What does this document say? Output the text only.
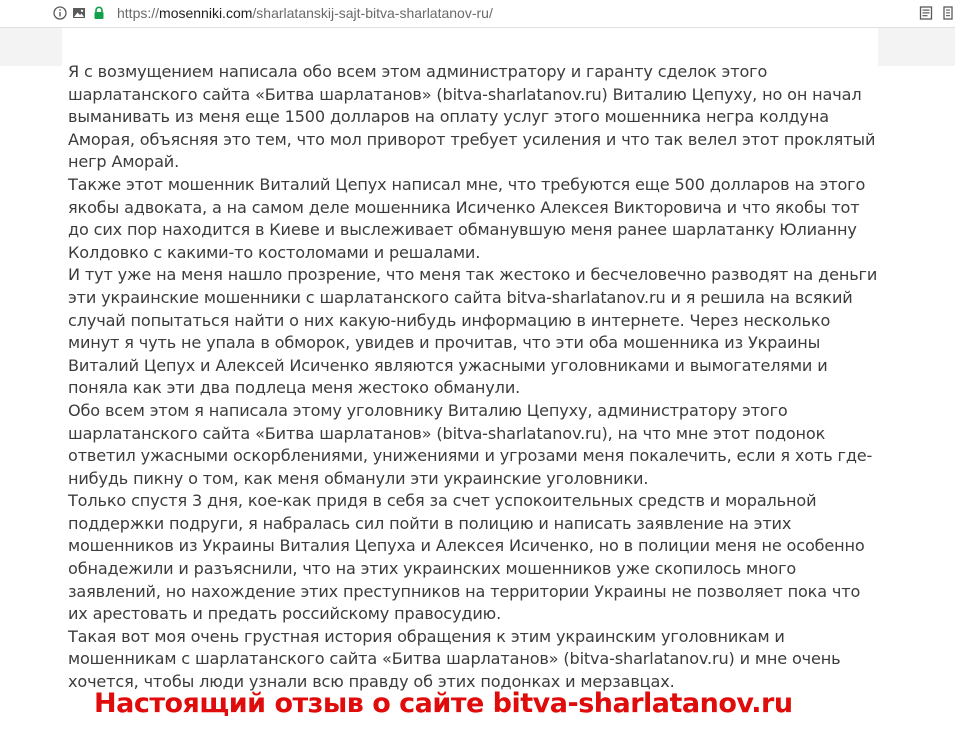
https://mosenniki.com/sharlatanskij-sajt-bitva-sharlatanov-ru/

Я с возмущением написала обо всем этом администратору и гаранту сделок этого шарлатанского сайта «Битва шарлатанов» (bitva-sharlatanov.ru) Виталию Цепуху, но он начал выманивать из меня еще 1500 долларов на оплату услуг этого мошенника негра колдуна Аморая, объясняя это тем, что мол приворот требует усиления и что так велел этот проклятый негр Аморай.

Также этот мошенник Виталий Цепух написал мне, что требуются еще 500 долларов на этого якобы адвоката, а на самом деле мошенника Исиченко Алексея Викторовича и что якобы тот до сих пор находится в Киеве и выслеживает обманувшую меня ранее шарлатанку Юлианну Колдовко с какими-то костоломами и решалами.

И тут уже на меня нашло прозрение, что меня так жестоко и бесчеловечно разводят на деньги эти украинские мошенники с шарлатанского сайта bitva-sharlatanov.ru и я решила на всякий случай попытаться найти о них какую-нибудь информацию в интернете. Через несколько минут я чуть не упала в обморок, увидев и прочитав, что эти оба мошенника из Украины Виталий Цепух и Алексей Исиченко являются ужасными уголовниками и вымогателями и поняла как эти два подлеца меня жестоко обманули.

Обо всем этом я написала этому уголовнику Виталию Цепуху, администратору этого шарлатанского сайта «Битва шарлатанов» (bitva-sharlatanov.ru), на что мне этот подонок ответил ужасными оскорблениями, унижениями и угрозами меня покалечить, если я хоть где-нибудь пикну о том, как меня обманули эти украинские уголовники.

Только спустя 3 дня, кое-как придя в себя за счет успокоительных средств и моральной поддержки подруги, я набралась сил пойти в полицию и написать заявление на этих мошенников из Украины Виталия Цепуха и Алексея Исиченко, но в полиции меня не особенно обнадежили и разъяснили, что на этих украинских мошенников уже скопилось много заявлений, но нахождение этих преступников на территории Украины не позволяет пока что их арестовать и предать российскому правосудию.

Такая вот моя очень грустная история обращения к этим украинским уголовникам и мошенникам с шарлатанского сайта «Битва шарлатанов» (bitva-sharlatanov.ru) и мне очень хочется, чтобы люди узнали всю правду об этих подонках и мерзавцах.

Настоящий отзыв о сайте bitva-sharlatanov.ru
